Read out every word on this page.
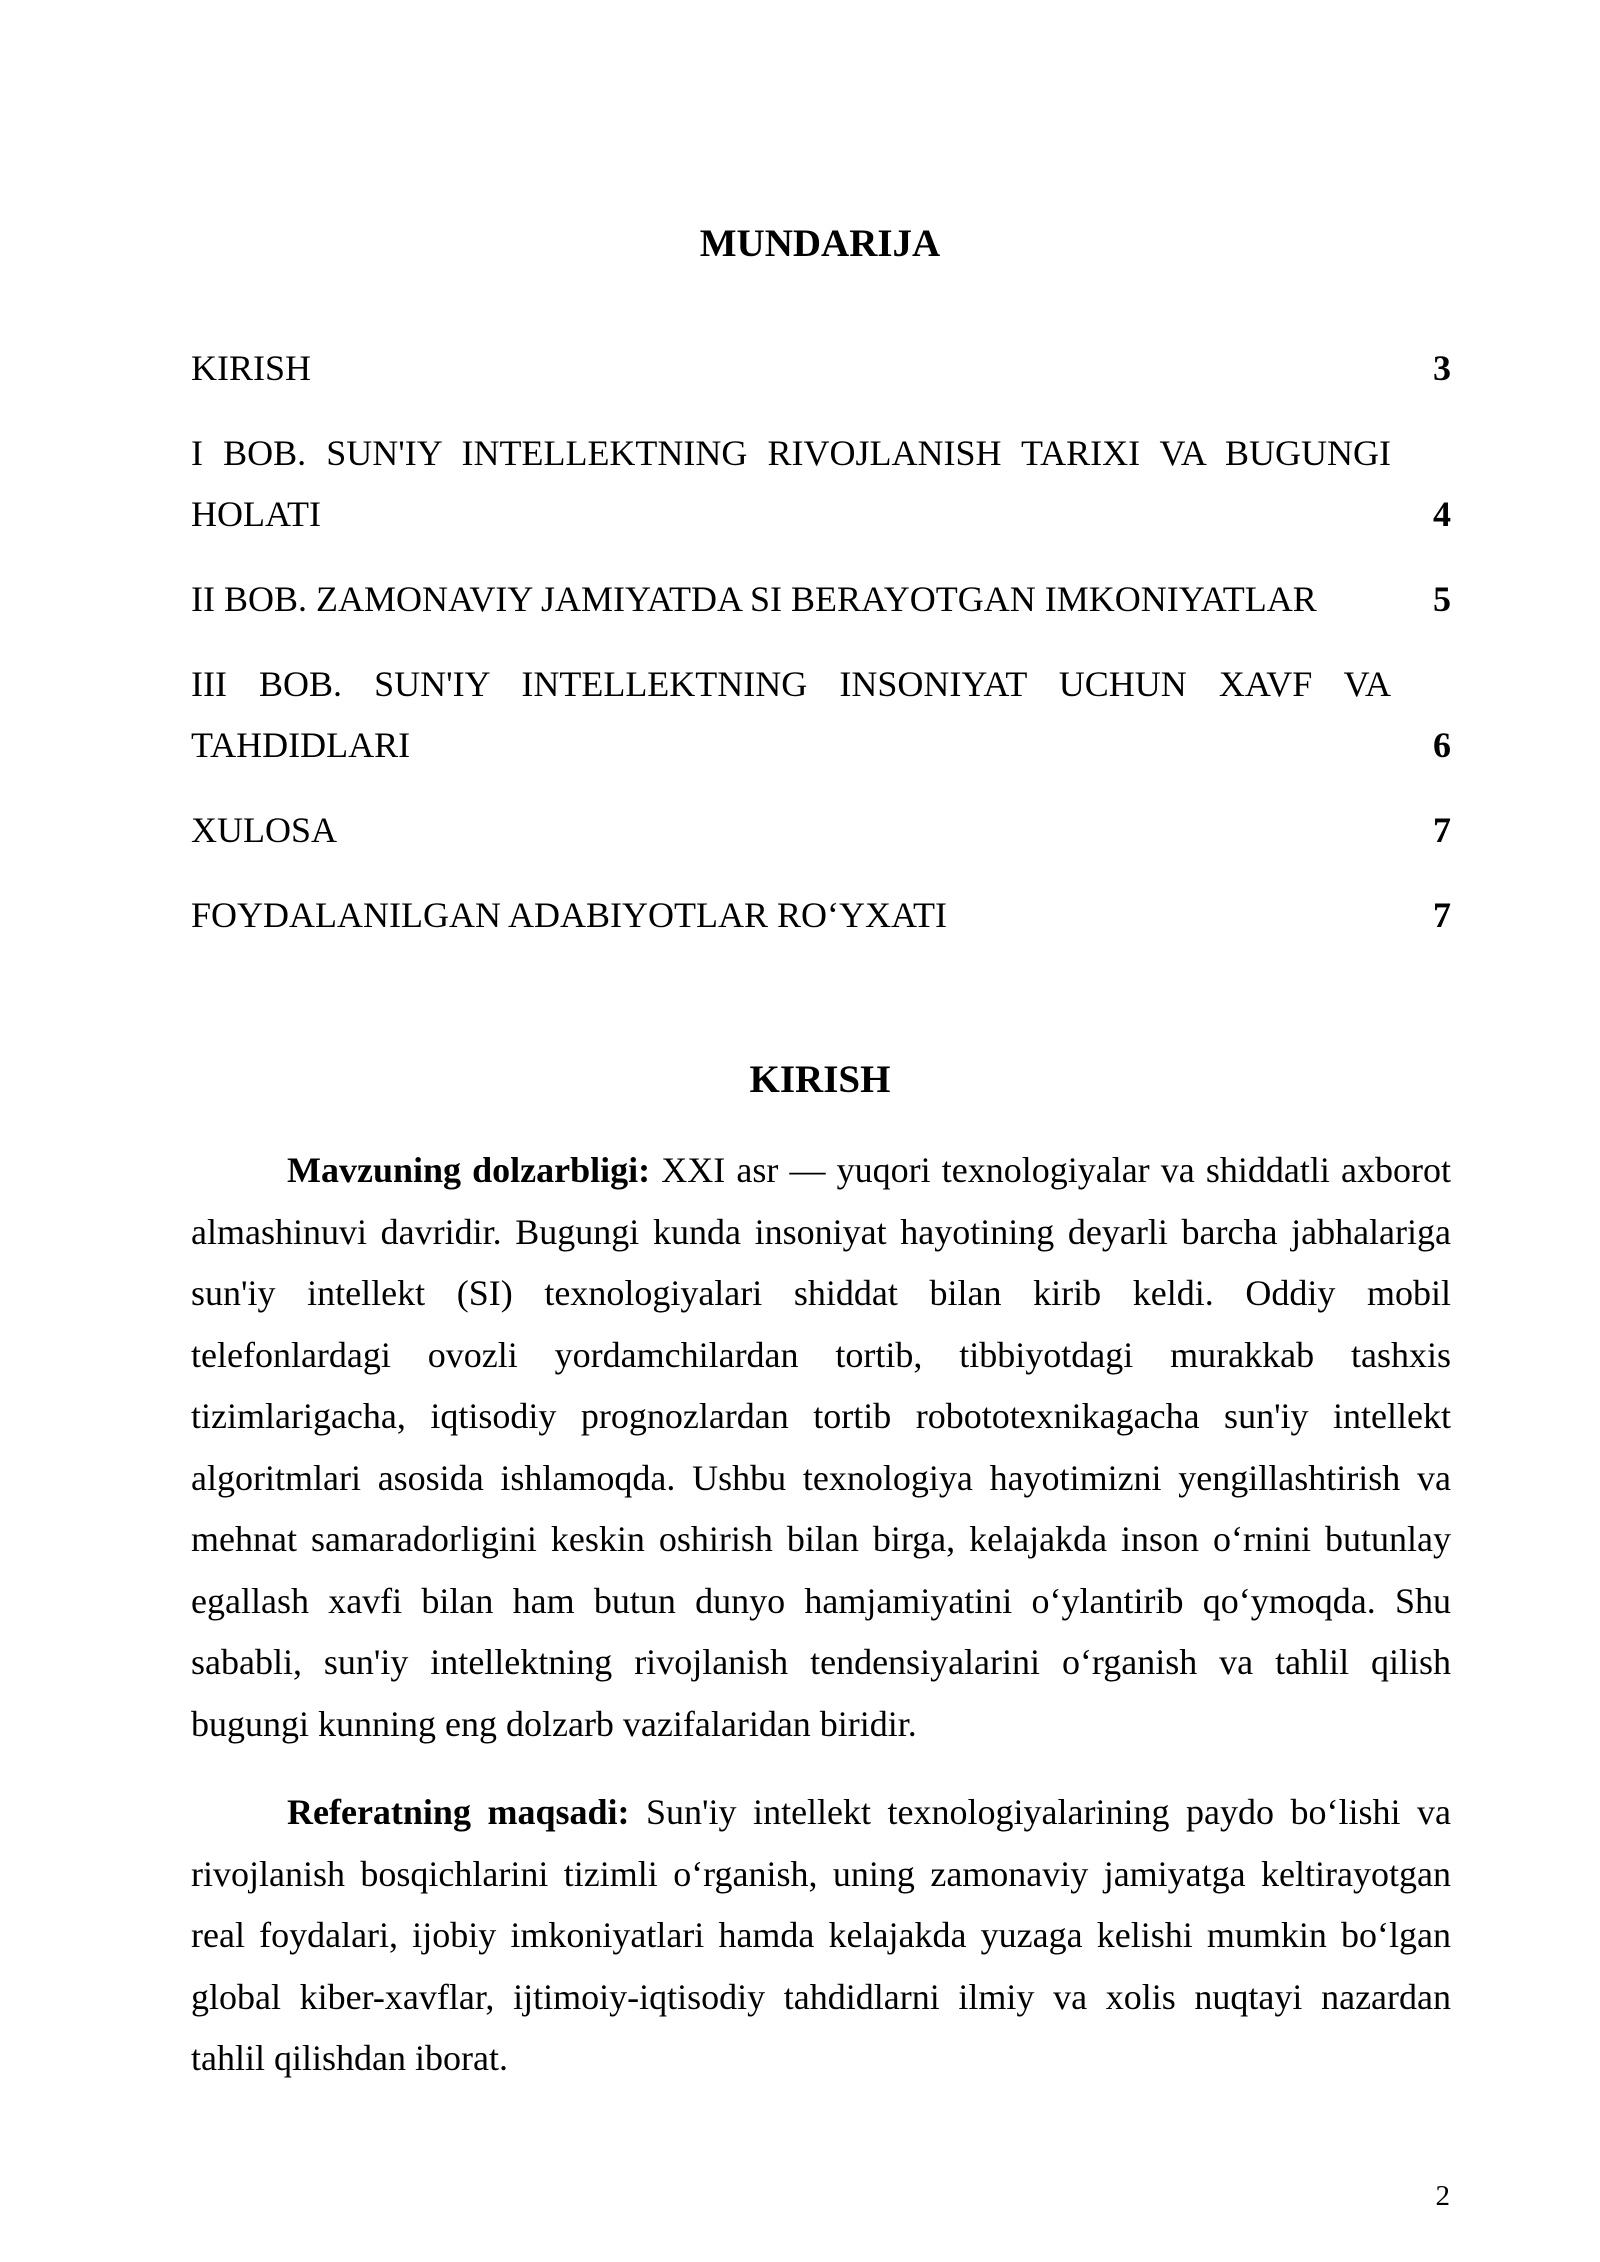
MUNDARIJA
KIRISH	3
I BOB. SUN'IY INTELLEKTNING RIVOJLANISH TARIXI VA BUGUNGI HOLATI	4
II BOB. ZAMONAVIY JAMIYATDA SI BERAYOTGAN IMKONIYATLAR	5
III BOB. SUN'IY INTELLEKTNING INSONIYAT UCHUN XAVF VA TAHDIDLARI	6
XULOSA	7
FOYDALANILGAN ADABIYOTLAR RO‘YXATI	7
KIRISH

Mavzuning dolzarbligi: XXI asr — yuqori texnologiyalar va shiddatli axborot almashinuvi davridir. Bugungi kunda insoniyat hayotining deyarli barcha jabhalariga sun'iy intellekt (SI) texnologiyalari shiddat bilan kirib keldi. Oddiy mobil telefonlardagi ovozli yordamchilardan tortib, tibbiyotdagi murakkab tashxis tizimlarigacha, iqtisodiy prognozlardan tortib robototexnikagacha sun'iy intellekt algoritmlari asosida ishlamoqda. Ushbu texnologiya hayotimizni yengillashtirish va mehnat samaradorligini keskin oshirish bilan birga, kelajakda inson o‘rnini butunlay egallash xavfi bilan ham butun dunyo hamjamiyatini o‘ylantirib qo‘ymoqda. Shu sababli, sun'iy intellektning rivojlanish tendensiyalarini o‘rganish va tahlil qilish bugungi kunning eng dolzarb vazifalaridan biridir.

Referatning maqsadi: Sun'iy intellekt texnologiyalarining paydo bo‘lishi va rivojlanish bosqichlarini tizimli o‘rganish, uning zamonaviy jamiyatga keltirayotgan real foydalari, ijobiy imkoniyatlari hamda kelajakda yuzaga kelishi mumkin bo‘lgan global kiber-xavflar, ijtimoiy-iqtisodiy tahdidlarni ilmiy va xolis nuqtayi nazardan tahlil qilishdan iborat.

2
